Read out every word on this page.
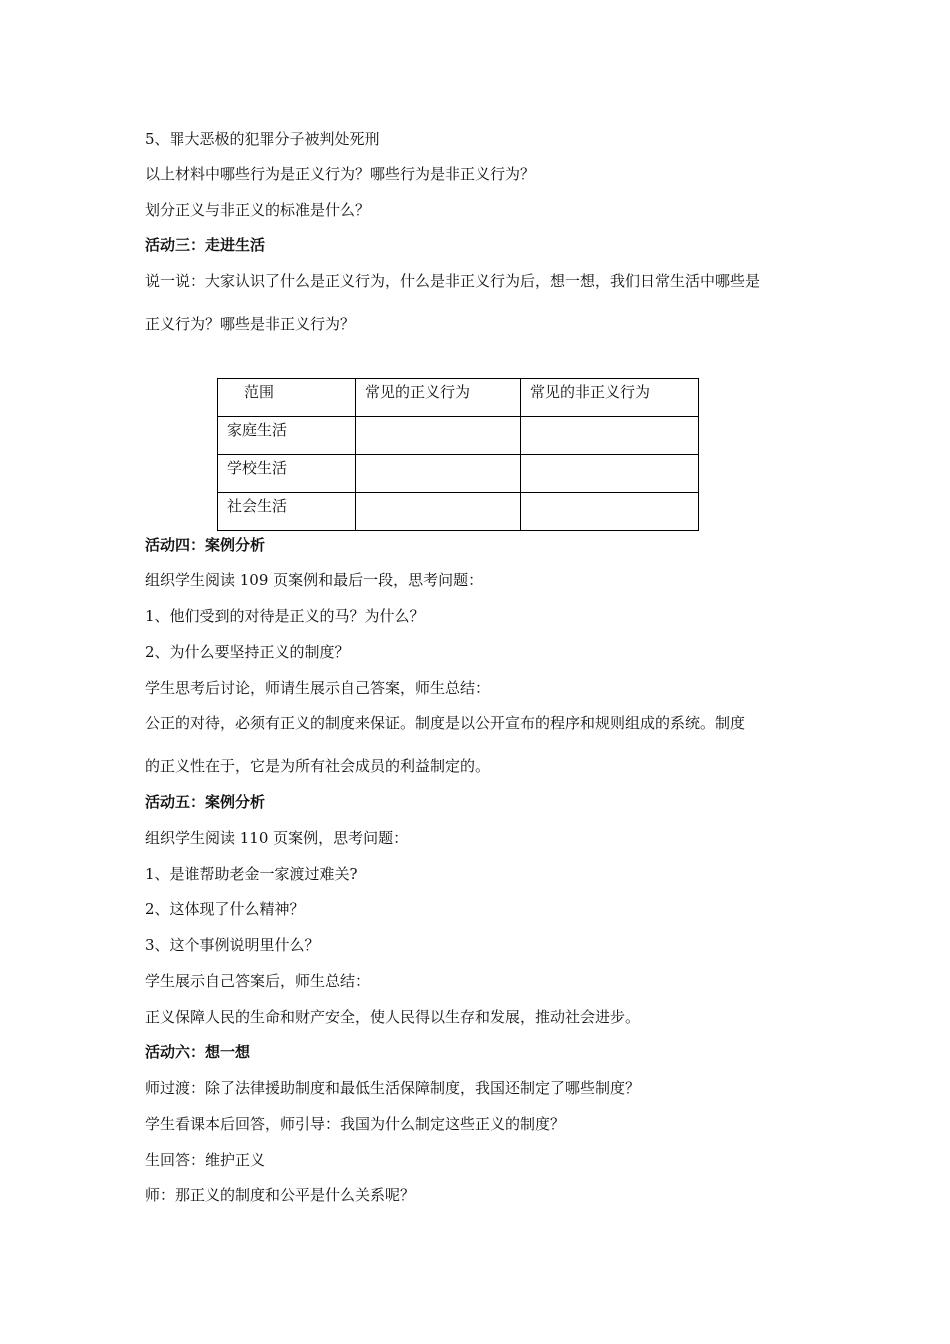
5、罪大恶极的犯罪分子被判处死刑
以上材料中哪些行为是正义行为？哪些行为是非正义行为？
划分正义与非正义的标准是什么？
活动三：走进生活
说一说：大家认识了什么是正义行为，什么是非正义行为后，想一想，我们日常生活中哪些是
正义行为？哪些是非正义行为？
范围	常见的正义行为	常见的非正义行为
家庭生活		
学校生活		
社会生活		
活动四：案例分析
组织学生阅读 109 页案例和最后一段，思考问题：
1、他们受到的对待是正义的马？为什么？
2、为什么要坚持正义的制度？
学生思考后讨论，师请生展示自己答案，师生总结：
公正的对待，必须有正义的制度来保证。制度是以公开宣布的程序和规则组成的系统。制度
的正义性在于，它是为所有社会成员的利益制定的。
活动五：案例分析
组织学生阅读 110 页案例，思考问题：
1、是谁帮助老金一家渡过难关?
2、这体现了什么精神？
3、这个事例说明里什么？
学生展示自己答案后，师生总结：
正义保障人民的生命和财产安全，使人民得以生存和发展，推动社会进步。
活动六：想一想
师过渡：除了法律援助制度和最低生活保障制度，我国还制定了哪些制度？
学生看课本后回答，师引导：我国为什么制定这些正义的制度？
生回答：维护正义
师：那正义的制度和公平是什么关系呢？
